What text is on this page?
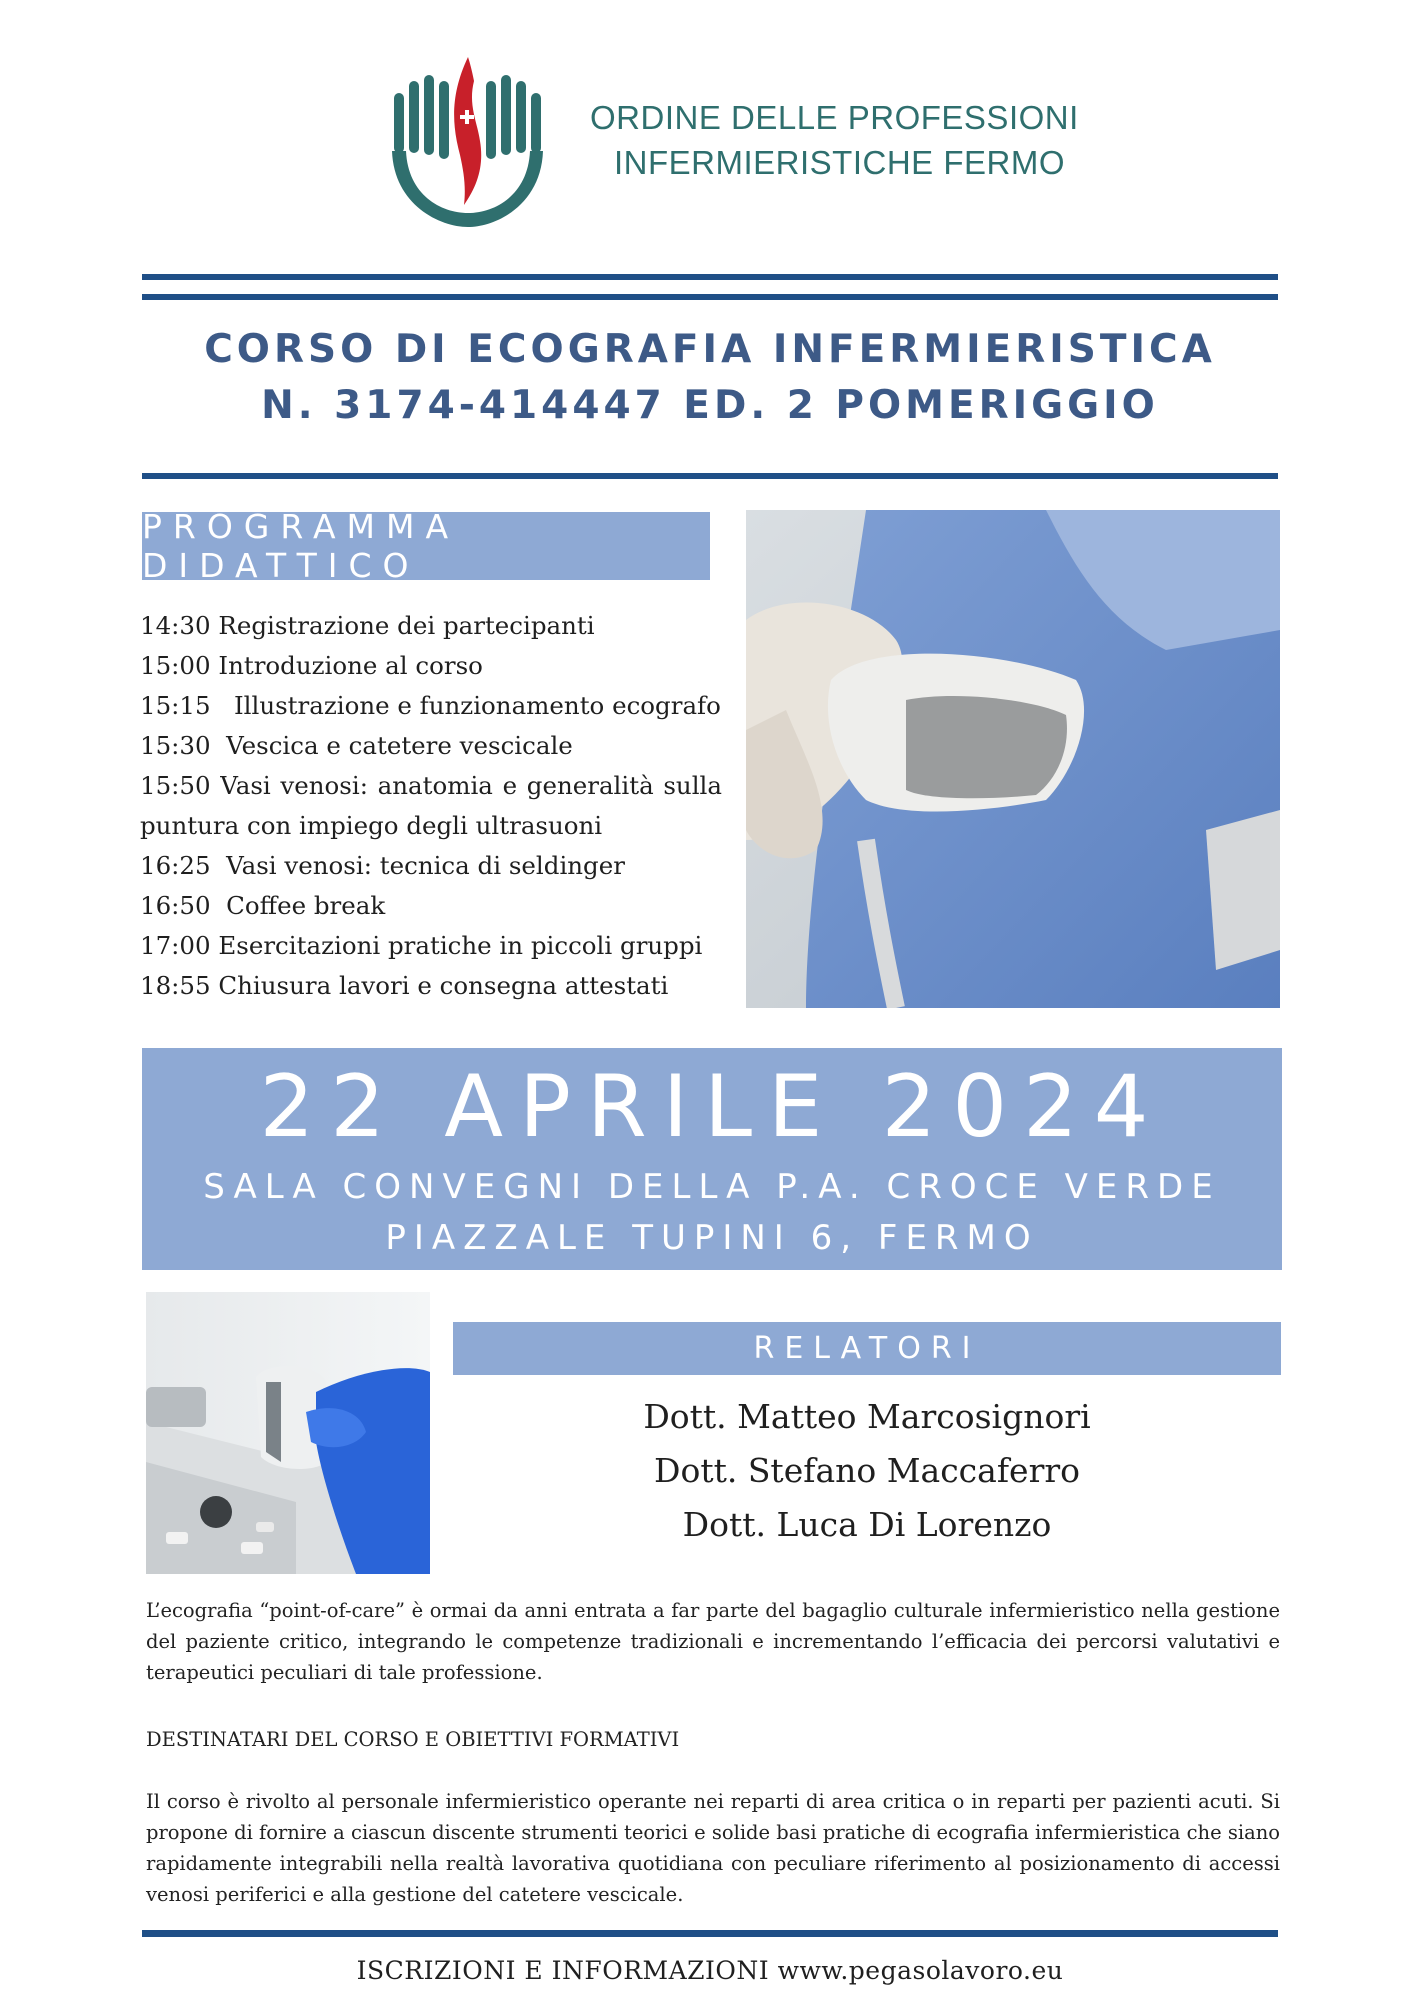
ORDINE DELLE PROFESSIONI
INFERMIERISTICHE FERMO
CORSO DI ECOGRAFIA INFERMIERISTICA
N. 3174-414447 ED. 2 POMERIGGIO
PROGRAMMA DIDATTICO
14:30 Registrazione dei partecipanti
15:00 Introduzione al corso
15:15   Illustrazione e funzionamento ecografo
15:30  Vescica e catetere vescicale
15:50 Vasi venosi: anatomia e generalità sulla puntura con impiego degli ultrasuoni
16:25  Vasi venosi: tecnica di seldinger
16:50  Coffee break
17:00 Esercitazioni pratiche in piccoli gruppi
18:55 Chiusura lavori e consegna attestati
22 APRILE 2024
SALA CONVEGNI DELLA P.A. CROCE VERDE
PIAZZALE TUPINI 6, FERMO
RELATORI
Dott. Matteo Marcosignori
Dott. Stefano Maccaferro
Dott. Luca Di Lorenzo

L’ecografia “point-of-care” è ormai da anni entrata a far parte del bagaglio culturale infermieristico nella gestione del paziente critico, integrando le competenze tradizionali e incrementando l’efficacia dei percorsi valutativi e terapeutici peculiari di tale professione.

DESTINATARI DEL CORSO E OBIETTIVI FORMATIVI

Il corso è rivolto al personale infermieristico operante nei reparti di area critica o in reparti per pazienti acuti. Si propone di fornire a ciascun discente strumenti teorici e solide basi pratiche di ecografia infermieristica che siano rapidamente integrabili nella realtà lavorativa quotidiana con peculiare riferimento al posizionamento di accessi venosi periferici e alla gestione del catetere vescicale.

ISCRIZIONI E INFORMAZIONI www.pegasolavoro.eu
